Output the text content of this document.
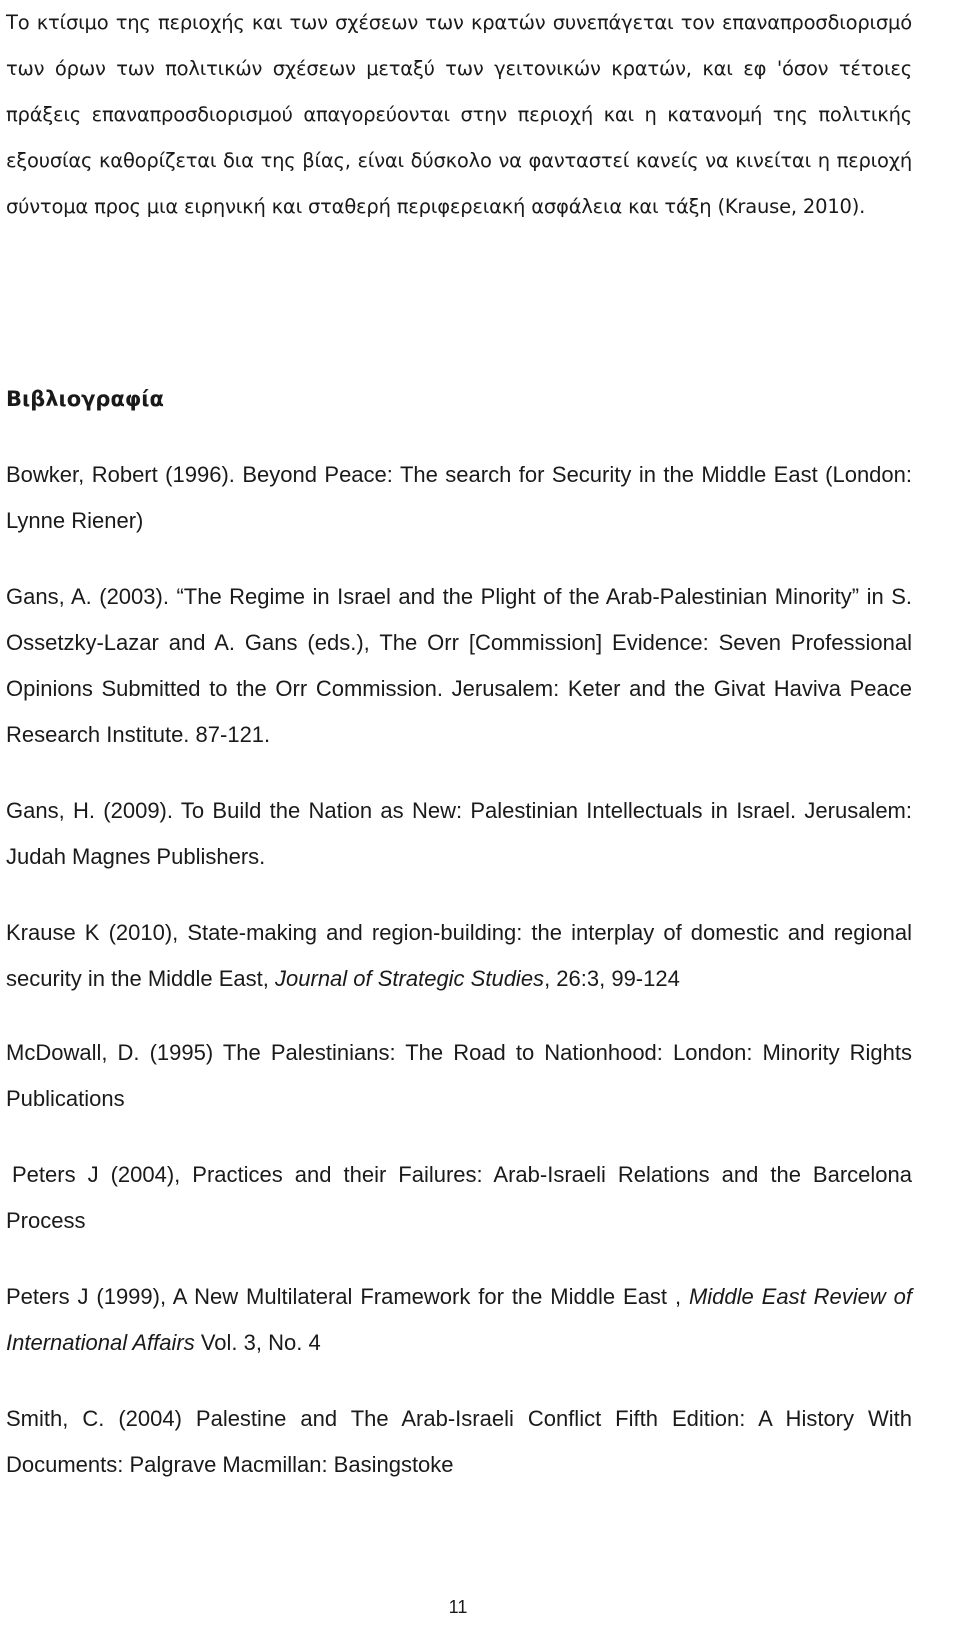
Το κτίσιμο της περιοχής και των σχέσεων των κρατών συνεπάγεται τον επαναπροσδιορισμό των όρων των πολιτικών σχέσεων μεταξύ των γειτονικών κρατών, και εφ 'όσον τέτοιες πράξεις επαναπροσδιορισμού απαγορεύονται στην περιοχή και η κατανομή της πολιτικής εξουσίας καθορίζεται δια της βίας, είναι δύσκολο να φανταστεί κανείς να κινείται η περιοχή σύντομα προς μια ειρηνική και σταθερή περιφερειακή ασφάλεια και τάξη (Krause, 2010).

Βιβλιογραφία

Bowker, Robert (1996). Beyond Peace: The search for Security in the Middle East (London: Lynne Riener)

Gans, A. (2003). “The Regime in Israel and the Plight of the Arab-Palestinian Minority” in S. Ossetzky-Lazar and A. Gans (eds.), The Orr [Commission] Evidence: Seven Professional Opinions Submitted to the Orr Commission. Jerusalem: Keter and the Givat Haviva Peace Research Institute. 87-121.

Gans, H. (2009). To Build the Nation as New: Palestinian Intellectuals in Israel. Jerusalem: Judah Magnes Publishers.

Krause K (2010), State-making and region-building: the interplay of domestic and regional security in the Middle East, Journal of Strategic Studies, 26:3, 99-124

McDowall, D. (1995) The Palestinians: The Road to Nationhood: London: Minority Rights Publications

Peters J (2004), Practices and their Failures: Arab-Israeli Relations and the Barcelona Process

Peters J (1999), A New Multilateral Framework for the Middle East , Middle East Review of International Affairs Vol. 3, No. 4

Smith, C. (2004) Palestine and The Arab-Israeli Conflict Fifth Edition: A History With Documents: Palgrave Macmillan: Basingstoke

11
